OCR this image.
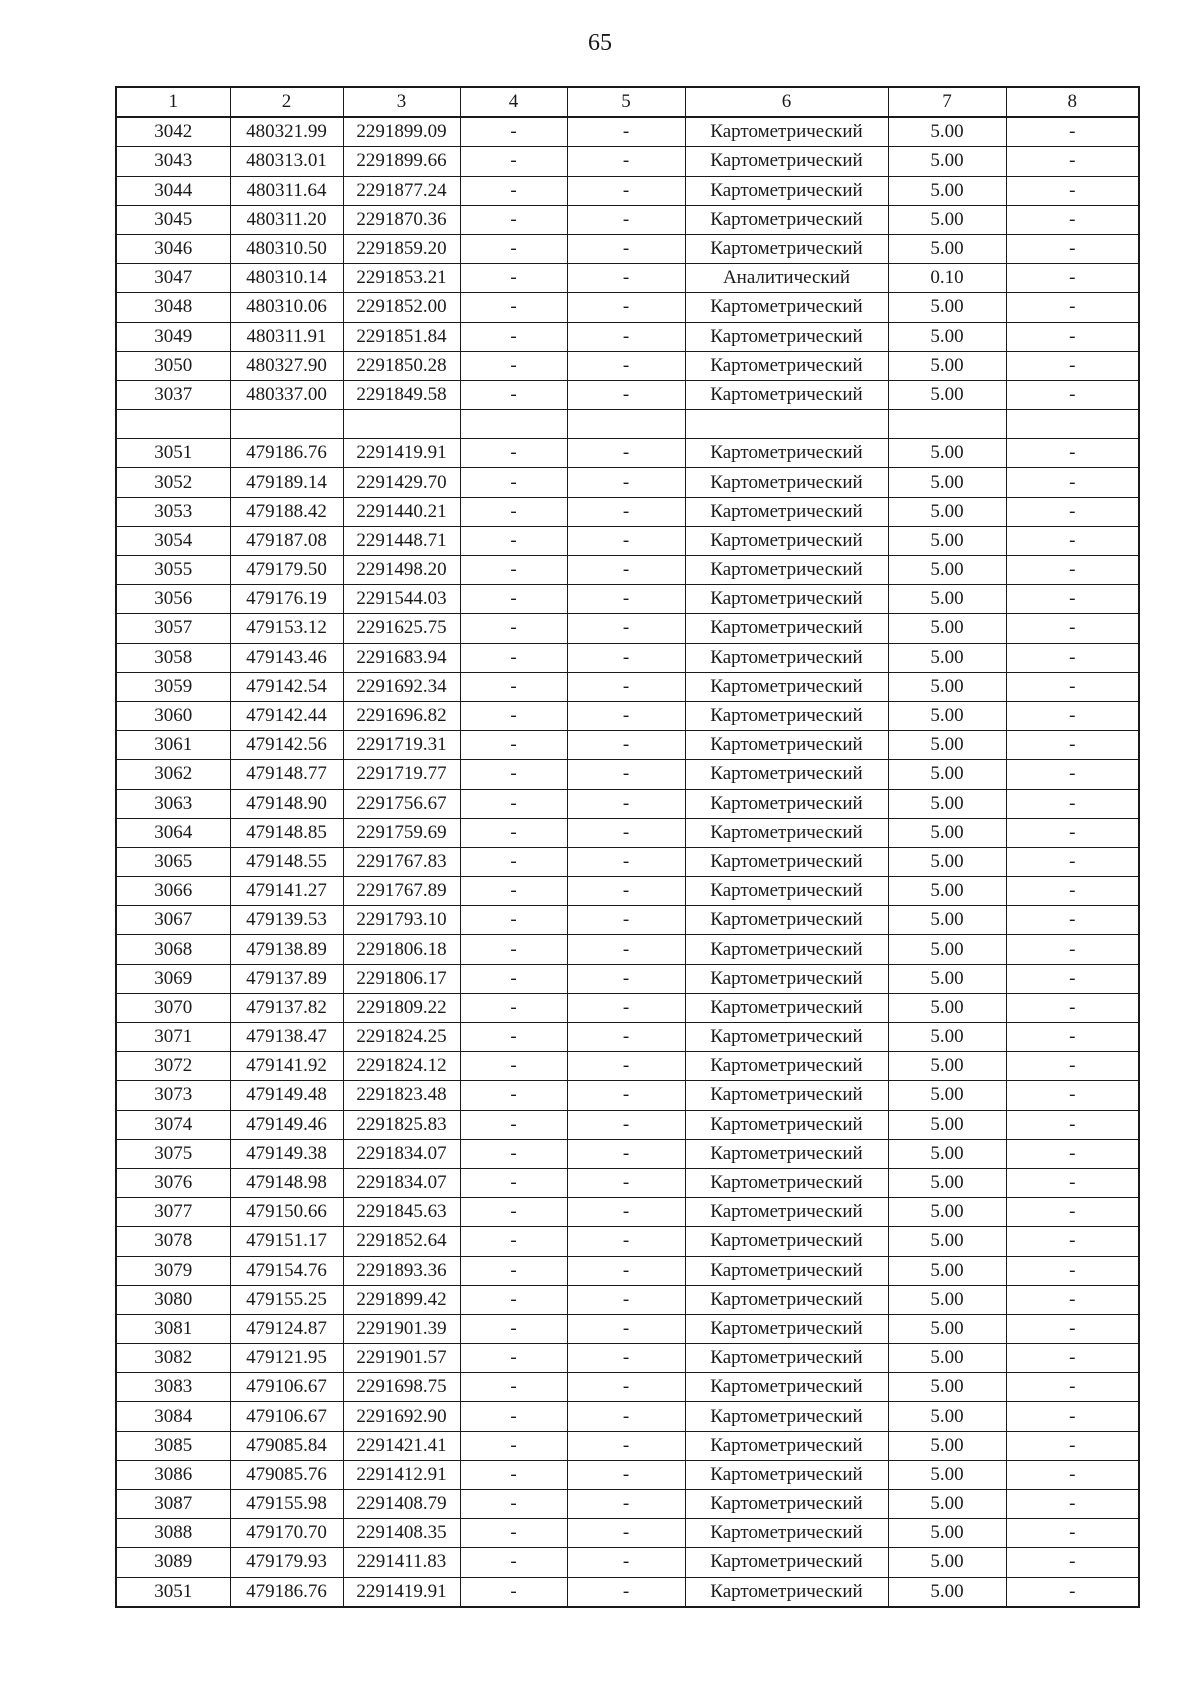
65
1	2	3	4	5	6	7	8
3042	480321.99	2291899.09	-	-	Картометрический	5.00	-
3043	480313.01	2291899.66	-	-	Картометрический	5.00	-
3044	480311.64	2291877.24	-	-	Картометрический	5.00	-
3045	480311.20	2291870.36	-	-	Картометрический	5.00	-
3046	480310.50	2291859.20	-	-	Картометрический	5.00	-
3047	480310.14	2291853.21	-	-	Аналитический	0.10	-
3048	480310.06	2291852.00	-	-	Картометрический	5.00	-
3049	480311.91	2291851.84	-	-	Картометрический	5.00	-
3050	480327.90	2291850.28	-	-	Картометрический	5.00	-
3037	480337.00	2291849.58	-	-	Картометрический	5.00	-

3051	479186.76	2291419.91	-	-	Картометрический	5.00	-
3052	479189.14	2291429.70	-	-	Картометрический	5.00	-
3053	479188.42	2291440.21	-	-	Картометрический	5.00	-
3054	479187.08	2291448.71	-	-	Картометрический	5.00	-
3055	479179.50	2291498.20	-	-	Картометрический	5.00	-
3056	479176.19	2291544.03	-	-	Картометрический	5.00	-
3057	479153.12	2291625.75	-	-	Картометрический	5.00	-
3058	479143.46	2291683.94	-	-	Картометрический	5.00	-
3059	479142.54	2291692.34	-	-	Картометрический	5.00	-
3060	479142.44	2291696.82	-	-	Картометрический	5.00	-
3061	479142.56	2291719.31	-	-	Картометрический	5.00	-
3062	479148.77	2291719.77	-	-	Картометрический	5.00	-
3063	479148.90	2291756.67	-	-	Картометрический	5.00	-
3064	479148.85	2291759.69	-	-	Картометрический	5.00	-
3065	479148.55	2291767.83	-	-	Картометрический	5.00	-
3066	479141.27	2291767.89	-	-	Картометрический	5.00	-
3067	479139.53	2291793.10	-	-	Картометрический	5.00	-
3068	479138.89	2291806.18	-	-	Картометрический	5.00	-
3069	479137.89	2291806.17	-	-	Картометрический	5.00	-
3070	479137.82	2291809.22	-	-	Картометрический	5.00	-
3071	479138.47	2291824.25	-	-	Картометрический	5.00	-
3072	479141.92	2291824.12	-	-	Картометрический	5.00	-
3073	479149.48	2291823.48	-	-	Картометрический	5.00	-
3074	479149.46	2291825.83	-	-	Картометрический	5.00	-
3075	479149.38	2291834.07	-	-	Картометрический	5.00	-
3076	479148.98	2291834.07	-	-	Картометрический	5.00	-
3077	479150.66	2291845.63	-	-	Картометрический	5.00	-
3078	479151.17	2291852.64	-	-	Картометрический	5.00	-
3079	479154.76	2291893.36	-	-	Картометрический	5.00	-
3080	479155.25	2291899.42	-	-	Картометрический	5.00	-
3081	479124.87	2291901.39	-	-	Картометрический	5.00	-
3082	479121.95	2291901.57	-	-	Картометрический	5.00	-
3083	479106.67	2291698.75	-	-	Картометрический	5.00	-
3084	479106.67	2291692.90	-	-	Картометрический	5.00	-
3085	479085.84	2291421.41	-	-	Картометрический	5.00	-
3086	479085.76	2291412.91	-	-	Картометрический	5.00	-
3087	479155.98	2291408.79	-	-	Картометрический	5.00	-
3088	479170.70	2291408.35	-	-	Картометрический	5.00	-
3089	479179.93	2291411.83	-	-	Картометрический	5.00	-
3051	479186.76	2291419.91	-	-	Картометрический	5.00	-
